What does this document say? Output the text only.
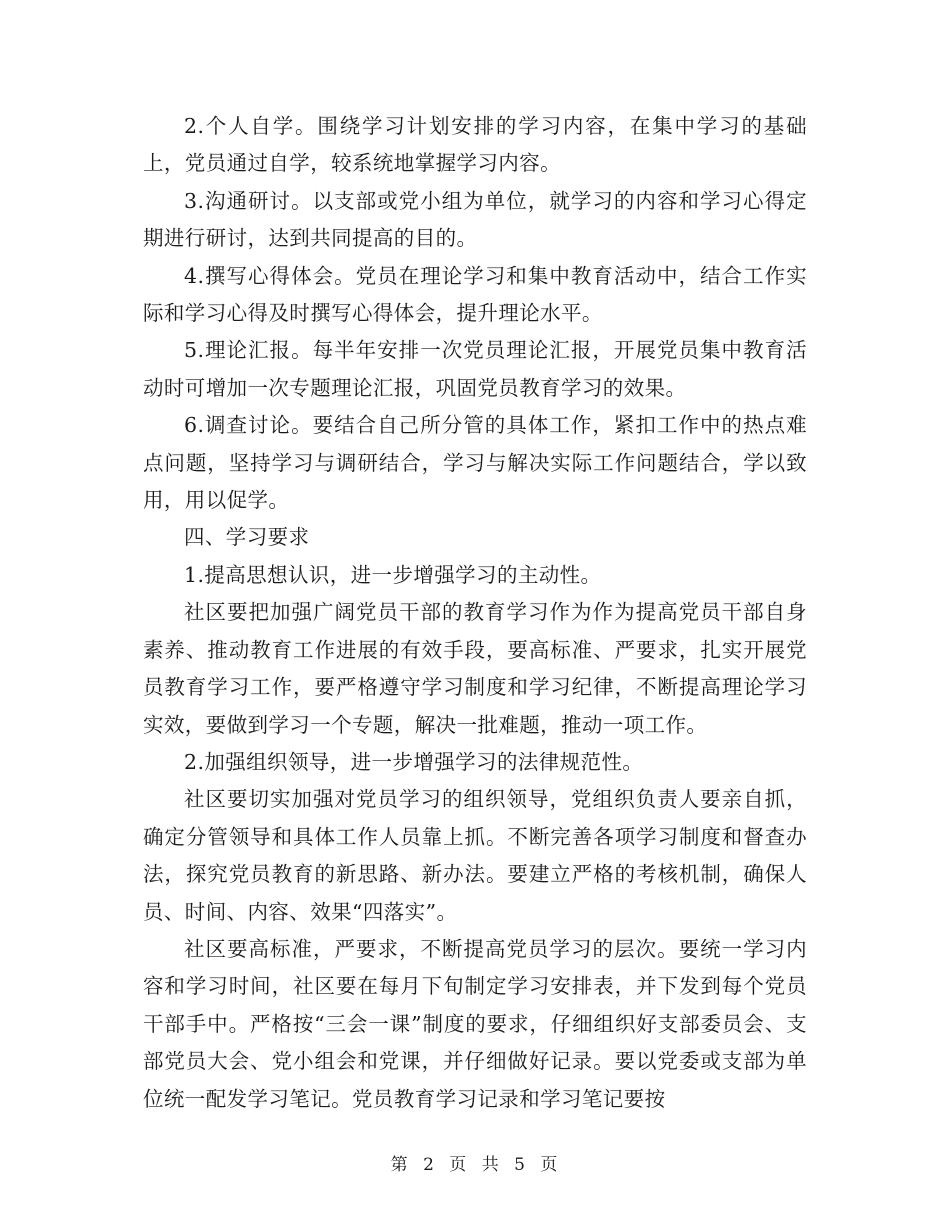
2.个人自学。围绕学习计划安排的学习内容，在集中学习的基础上，党员通过自学，较系统地掌握学习内容。

3.沟通研讨。以支部或党小组为单位，就学习的内容和学习心得定期进行研讨，达到共同提高的目的。

4.撰写心得体会。党员在理论学习和集中教育活动中，结合工作实际和学习心得及时撰写心得体会，提升理论水平。

5.理论汇报。每半年安排一次党员理论汇报，开展党员集中教育活动时可增加一次专题理论汇报，巩固党员教育学习的效果。

6.调查讨论。要结合自己所分管的具体工作，紧扣工作中的热点难点问题，坚持学习与调研结合，学习与解决实际工作问题结合，学以致用，用以促学。

四、学习要求

1.提高思想认识，进一步增强学习的主动性。

社区要把加强广阔党员干部的教育学习作为作为提高党员干部自身素养、推动教育工作进展的有效手段，要高标准、严要求，扎实开展党员教育学习工作，要严格遵守学习制度和学习纪律，不断提高理论学习实效，要做到学习一个专题，解决一批难题，推动一项工作。

2.加强组织领导，进一步增强学习的法律规范性。

社区要切实加强对党员学习的组织领导，党组织负责人要亲自抓，确定分管领导和具体工作人员靠上抓。不断完善各项学习制度和督查办法，探究党员教育的新思路、新办法。要建立严格的考核机制，确保人员、时间、内容、效果“四落实”。

社区要高标准，严要求，不断提高党员学习的层次。要统一学习内容和学习时间，社区要在每月下旬制定学习安排表，并下发到每个党员干部手中。严格按“三会一课”制度的要求，仔细组织好支部委员会、支部党员大会、党小组会和党课，并仔细做好记录。要以党委或支部为单位统一配发学习笔记。党员教育学习记录和学习笔记要按

第 2 页 共 5 页
